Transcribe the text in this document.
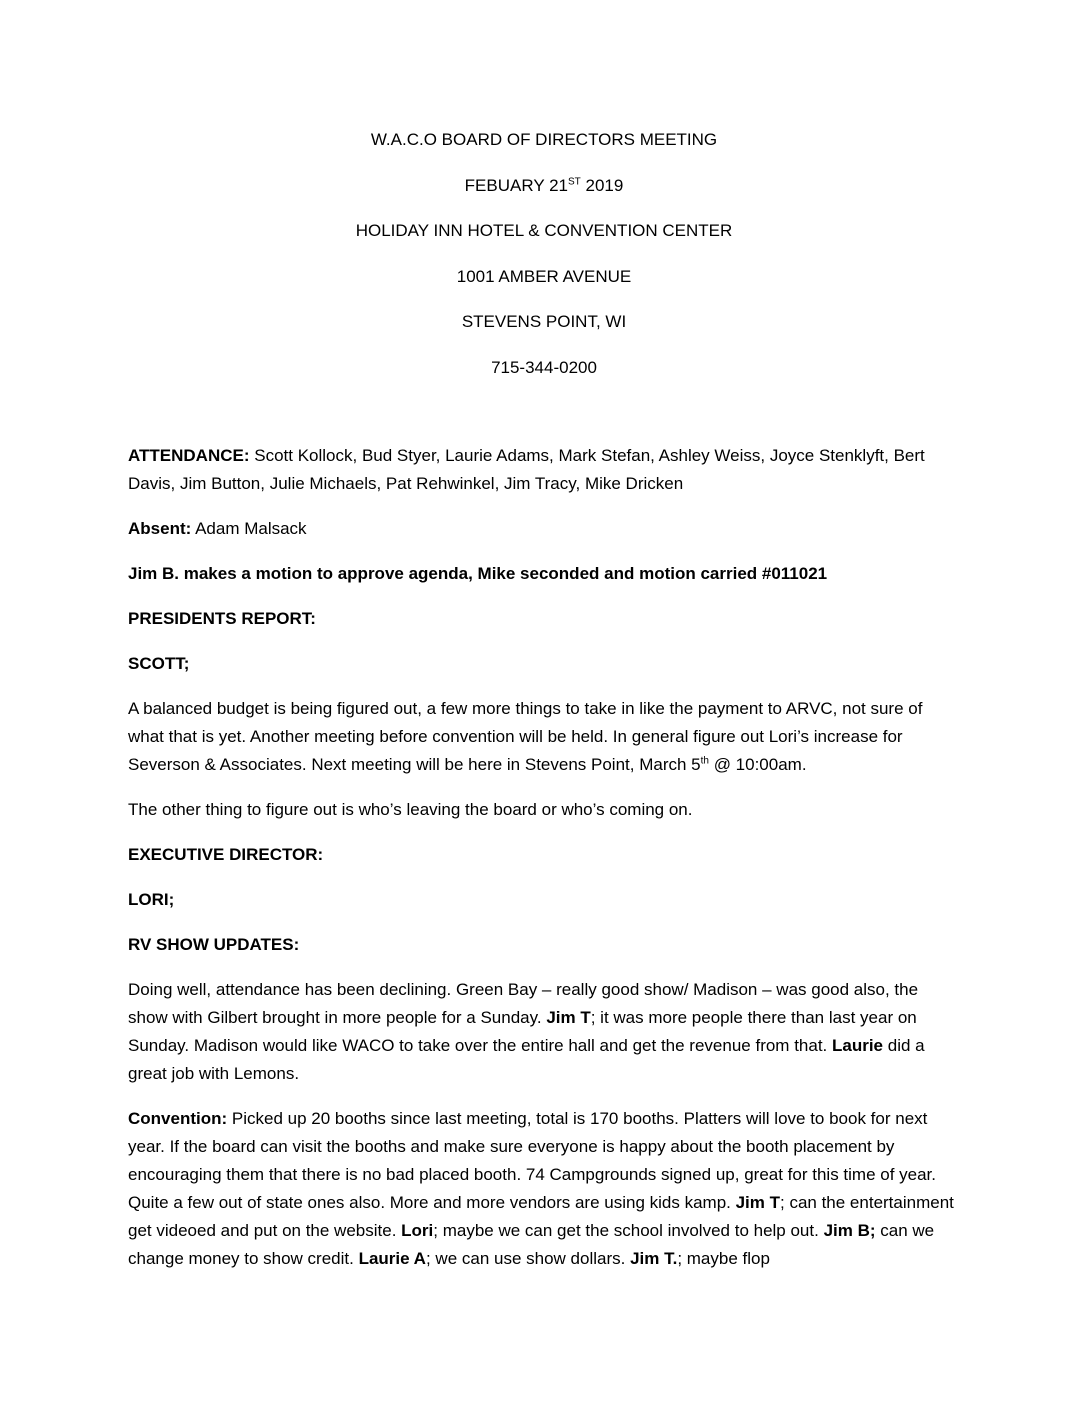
W.A.C.O BOARD OF DIRECTORS MEETING
FEBUARY 21ST 2019
HOLIDAY INN HOTEL & CONVENTION CENTER
1001 AMBER AVENUE
STEVENS POINT, WI
715-344-0200

ATTENDANCE: Scott Kollock, Bud Styer, Laurie Adams, Mark Stefan, Ashley Weiss, Joyce Stenklyft, Bert Davis, Jim Button, Julie Michaels, Pat Rehwinkel, Jim Tracy, Mike Dricken

Absent: Adam Malsack

Jim B. makes a motion to approve agenda, Mike seconded and motion carried #011021

PRESIDENTS REPORT:

SCOTT;

A balanced budget is being figured out, a few more things to take in like the payment to ARVC, not sure of what that is yet. Another meeting before convention will be held. In general figure out Lori’s increase for Severson & Associates. Next meeting will be here in Stevens Point, March 5th @ 10:00am.

The other thing to figure out is who’s leaving the board or who’s coming on.

EXECUTIVE DIRECTOR:

LORI;

RV SHOW UPDATES:

Doing well, attendance has been declining. Green Bay – really good show/ Madison – was good also, the show with Gilbert brought in more people for a Sunday. Jim T; it was more people there than last year on Sunday. Madison would like WACO to take over the entire hall and get the revenue from that. Laurie did a great job with Lemons.

Convention: Picked up 20 booths since last meeting, total is 170 booths. Platters will love to book for next year. If the board can visit the booths and make sure everyone is happy about the booth placement by encouraging them that there is no bad placed booth. 74 Campgrounds signed up, great for this time of year. Quite a few out of state ones also. More and more vendors are using kids kamp. Jim T; can the entertainment get videoed and put on the website. Lori; maybe we can get the school involved to help out. Jim B; can we change money to show credit. Laurie A; we can use show dollars. Jim T.; maybe flop
